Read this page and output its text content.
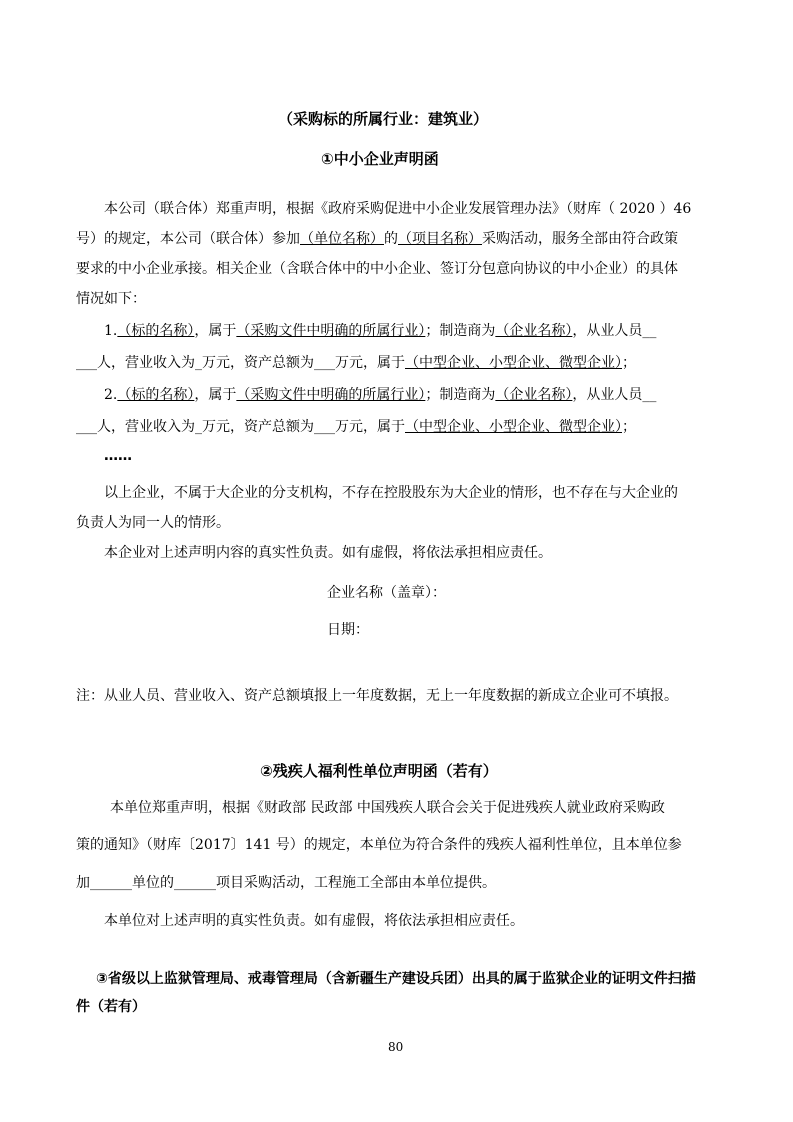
（采购标的所属行业：建筑业）
①中小企业声明函
本公司（联合体）郑重声明，根据《政府采购促进中小企业发展管理办法》（财库（ 2020 ）46
号）的规定，本公司（联合体）参加（单位名称）的（项目名称）采购活动，服务全部由符合政策
要求的中小企业承接。相关企业（含联合体中的中小企业、签订分包意向协议的中小企业）的具体
情况如下：
1.（标的名称），属于（采购文件中明确的所属行业）；制造商为（企业名称），从业人员__
___人，营业收入为_万元，资产总额为___万元，属于（中型企业、小型企业、微型企业）；
2.（标的名称），属于（采购文件中明确的所属行业）；制造商为（企业名称），从业人员__
___人，营业收入为_万元，资产总额为___万元，属于（中型企业、小型企业、微型企业）；
……
以上企业，不属于大企业的分支机构，不存在控股股东为大企业的情形，也不存在与大企业的
负责人为同一人的情形。
本企业对上述声明内容的真实性负责。如有虚假，将依法承担相应责任。
企业名称（盖章）：
日期：
注：从业人员、营业收入、资产总额填报上一年度数据，无上一年度数据的新成立企业可不填报。
②残疾人福利性单位声明函（若有）
本单位郑重声明，根据《财政部 民政部 中国残疾人联合会关于促进残疾人就业政府采购政
策的通知》（财库〔2017〕141 号）的规定，本单位为符合条件的残疾人福利性单位，且本单位参
加______单位的______项目采购活动，工程施工全部由本单位提供。
本单位对上述声明的真实性负责。如有虚假，将依法承担相应责任。
③省级以上监狱管理局、戒毒管理局（含新疆生产建设兵团）出具的属于监狱企业的证明文件扫描
件（若有）
80
